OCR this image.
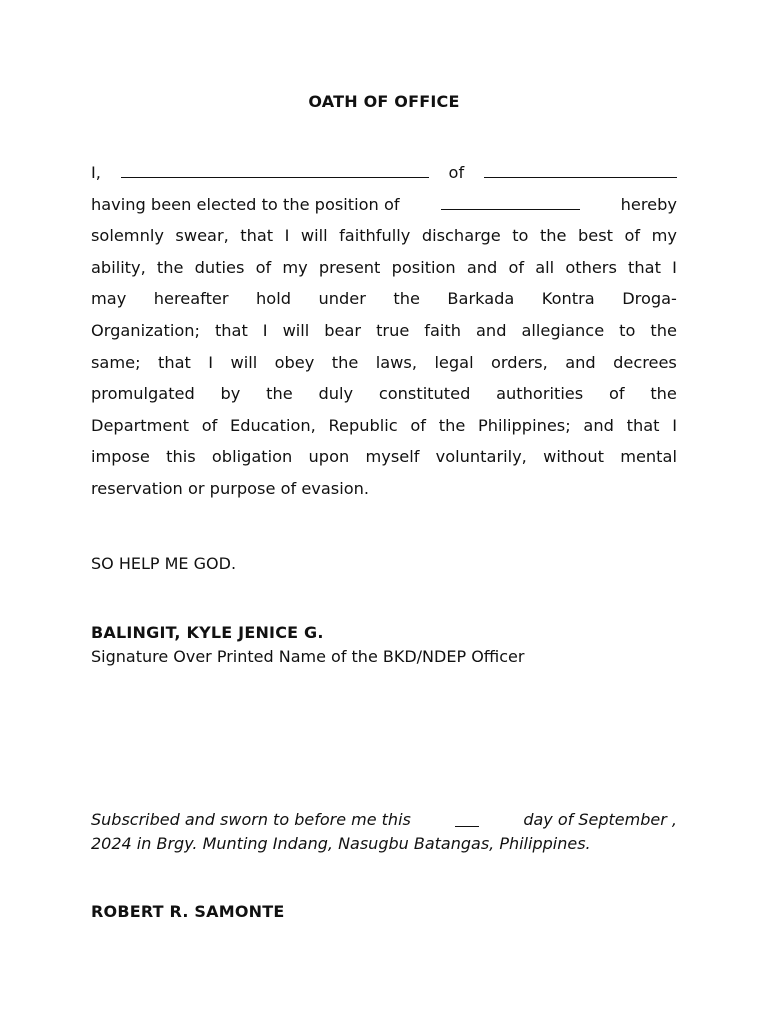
OATH OF OFFICE
I,	of
having been elected to the position of	hereby
solemnly swear, that I will faithfully discharge to the best of my
ability, the duties of my present position and of all others that I
may hereafter hold under the Barkada Kontra Droga-
Organization; that I will bear true faith and allegiance to the
same; that I will obey the laws, legal orders, and decrees
promulgated by the duly constituted authorities of the
Department of Education, Republic of the Philippines; and that I
impose this obligation upon myself voluntarily, without mental
reservation or purpose of evasion.
SO HELP ME GOD.
BALINGIT, KYLE JENICE G.
Signature Over Printed Name of the BKD/NDEP Officer
Subscribed and sworn to before me this	day of September ,
2024 in Brgy. Munting Indang, Nasugbu Batangas, Philippines.
ROBERT R. SAMONTE
